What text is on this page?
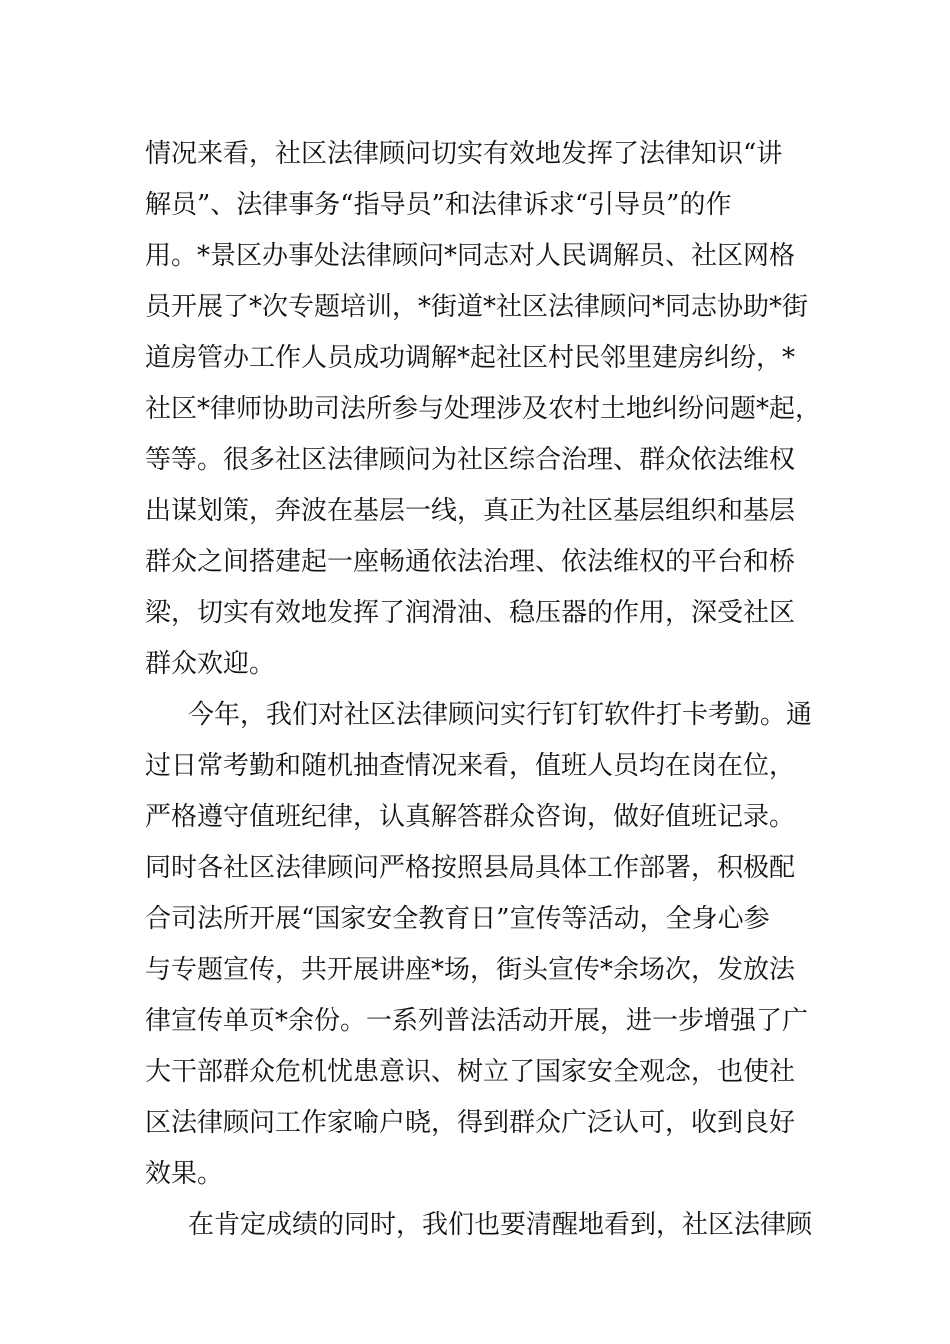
情况来看，社区法律顾问切实有效地发挥了法律知识“讲
解员”、法律事务“指导员”和法律诉求“引导员”的作
用。*景区办事处法律顾问*同志对人民调解员、社区网格
员开展了*次专题培训，*街道*社区法律顾问*同志协助*街
道房管办工作人员成功调解*起社区村民邻里建房纠纷，*
社区*律师协助司法所参与处理涉及农村土地纠纷问题*起，
等等。很多社区法律顾问为社区综合治理、群众依法维权
出谋划策，奔波在基层一线，真正为社区基层组织和基层
群众之间搭建起一座畅通依法治理、依法维权的平台和桥
梁，切实有效地发挥了润滑油、稳压器的作用，深受社区
群众欢迎。
今年，我们对社区法律顾问实行钉钉软件打卡考勤。通
过日常考勤和随机抽查情况来看，值班人员均在岗在位，
严格遵守值班纪律，认真解答群众咨询，做好值班记录。
同时各社区法律顾问严格按照县局具体工作部署，积极配
合司法所开展“国家安全教育日”宣传等活动，全身心参
与专题宣传，共开展讲座*场，街头宣传*余场次，发放法
律宣传单页*余份。一系列普法活动开展，进一步增强了广
大干部群众危机忧患意识、树立了国家安全观念，也使社
区法律顾问工作家喻户晓，得到群众广泛认可，收到良好
效果。
在肯定成绩的同时，我们也要清醒地看到，社区法律顾
